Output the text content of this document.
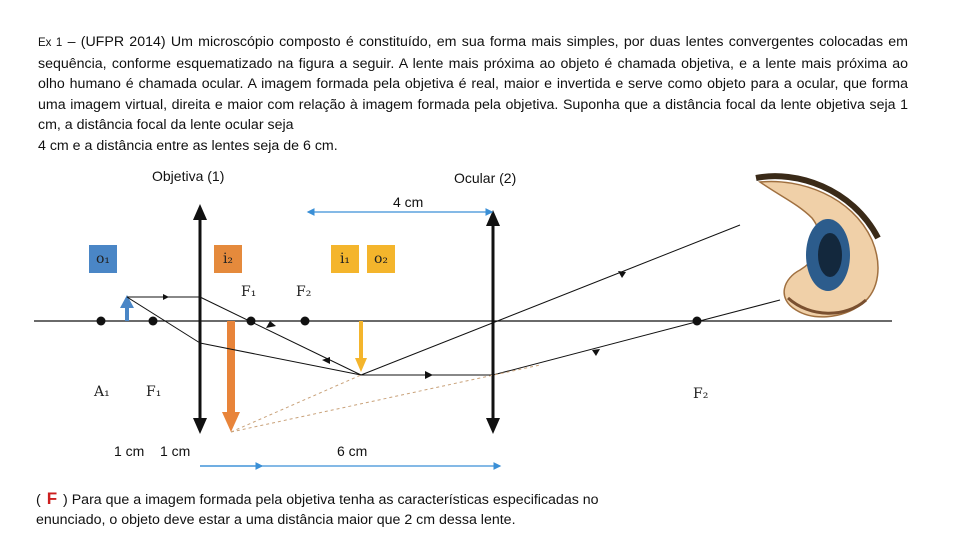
Ex 1 – (UFPR 2014) Um microscópio composto é constituído, em sua forma mais simples, por duas lentes convergentes colocadas em sequência, conforme esquematizado na figura a seguir. A lente mais próxima ao objeto é chamada objetiva, e a lente mais próxima ao olho humano é chamada ocular. A imagem formada pela objetiva é real, maior e invertida e serve como objeto para a ocular, que forma uma imagem virtual, direita e maior com relação à imagem formada pela objetiva. Suponha que a distância focal da lente objetiva seja 1 cm, a distância focal da lente ocular seja
4 cm e a distância entre as lentes seja de 6 cm.
Objetiva (1)	Ocular (2)
4 cm
1 cm 1 cm	6 cm
o₁	i₂	i₁	o₂
F₁	F₂
A₁	F₁	F₂
( F ) Para que a imagem formada pela objetiva tenha as características especificadas no
enunciado, o objeto deve estar a uma distância maior que 2 cm dessa lente.
